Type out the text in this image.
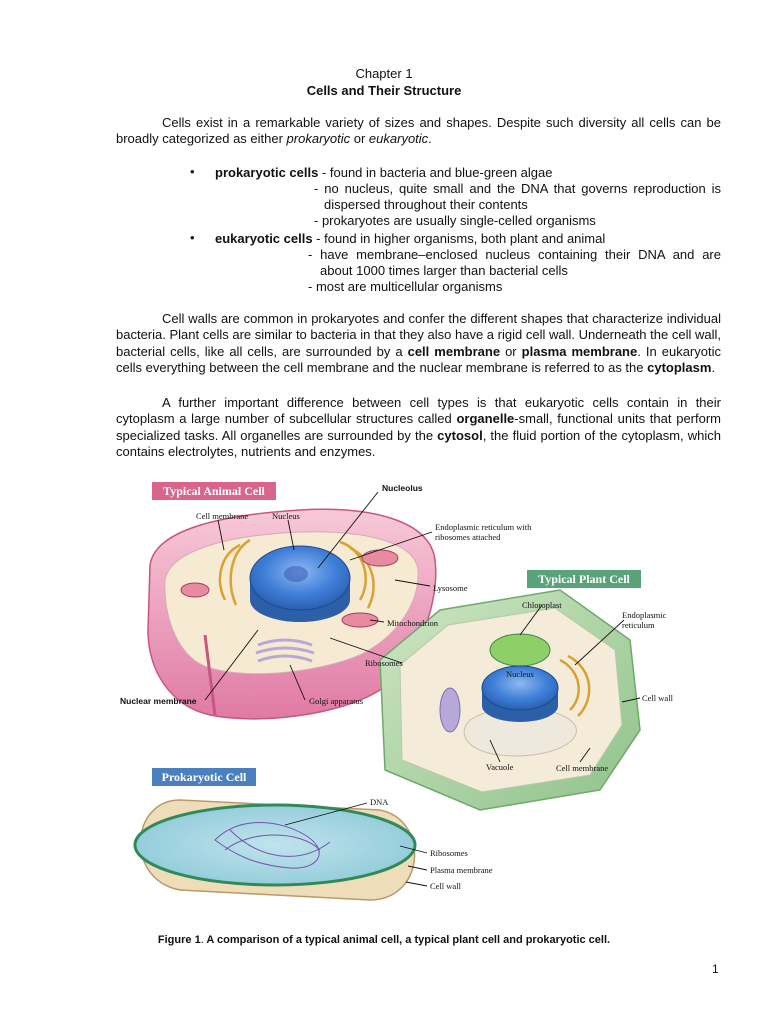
Chapter 1
Cells and Their Structure
Cells exist in a remarkable variety of sizes and shapes. Despite such diversity all cells can be broadly categorized as either prokaryotic or eukaryotic.
• prokaryotic cells - found in bacteria and blue-green algae
- no nucleus, quite small and the DNA that governs reproduction is
dispersed throughout their contents
- prokaryotes are usually single-celled organisms
• eukaryotic cells - found in higher organisms, both plant and animal
- have membrane–enclosed nucleus containing their DNA and are
about 1000 times larger than bacterial cells
- most are multicellular organisms
Cell walls are common in prokaryotes and confer the different shapes that characterize individual bacteria. Plant cells are similar to bacteria in that they also have a rigid cell wall. Underneath the cell wall, bacterial cells, like all cells, are surrounded by a cell membrane or plasma membrane. In eukaryotic cells everything between the cell membrane and the nuclear membrane is referred to as the cytoplasm.
A further important difference between cell types is that eukaryotic cells contain in their cytoplasm a large number of subcellular structures called organelle-small, functional units that perform specialized tasks. All organelles are surrounded by the cytosol, the fluid portion of the cytoplasm, which contains electrolytes, nutrients and enzymes.
Typical Animal Cell
Typical Plant Cell
Prokaryotic Cell
Nucleolus
Cell membrane	Nucleus
Endoplasmic reticulum with
ribosomes attached
Lysosome
Mitochondrion
Ribosomes
Golgi apparatus
Nuclear membrane
Chloroplast
Endoplasmic
reticulum
Nucleus
Cell wall
Vacuole	Cell membrane
DNA
Ribosomes
Plasma membrane
Cell wall
Figure 1. A comparison of a typical animal cell, a typical plant cell and prokaryotic cell.
1
